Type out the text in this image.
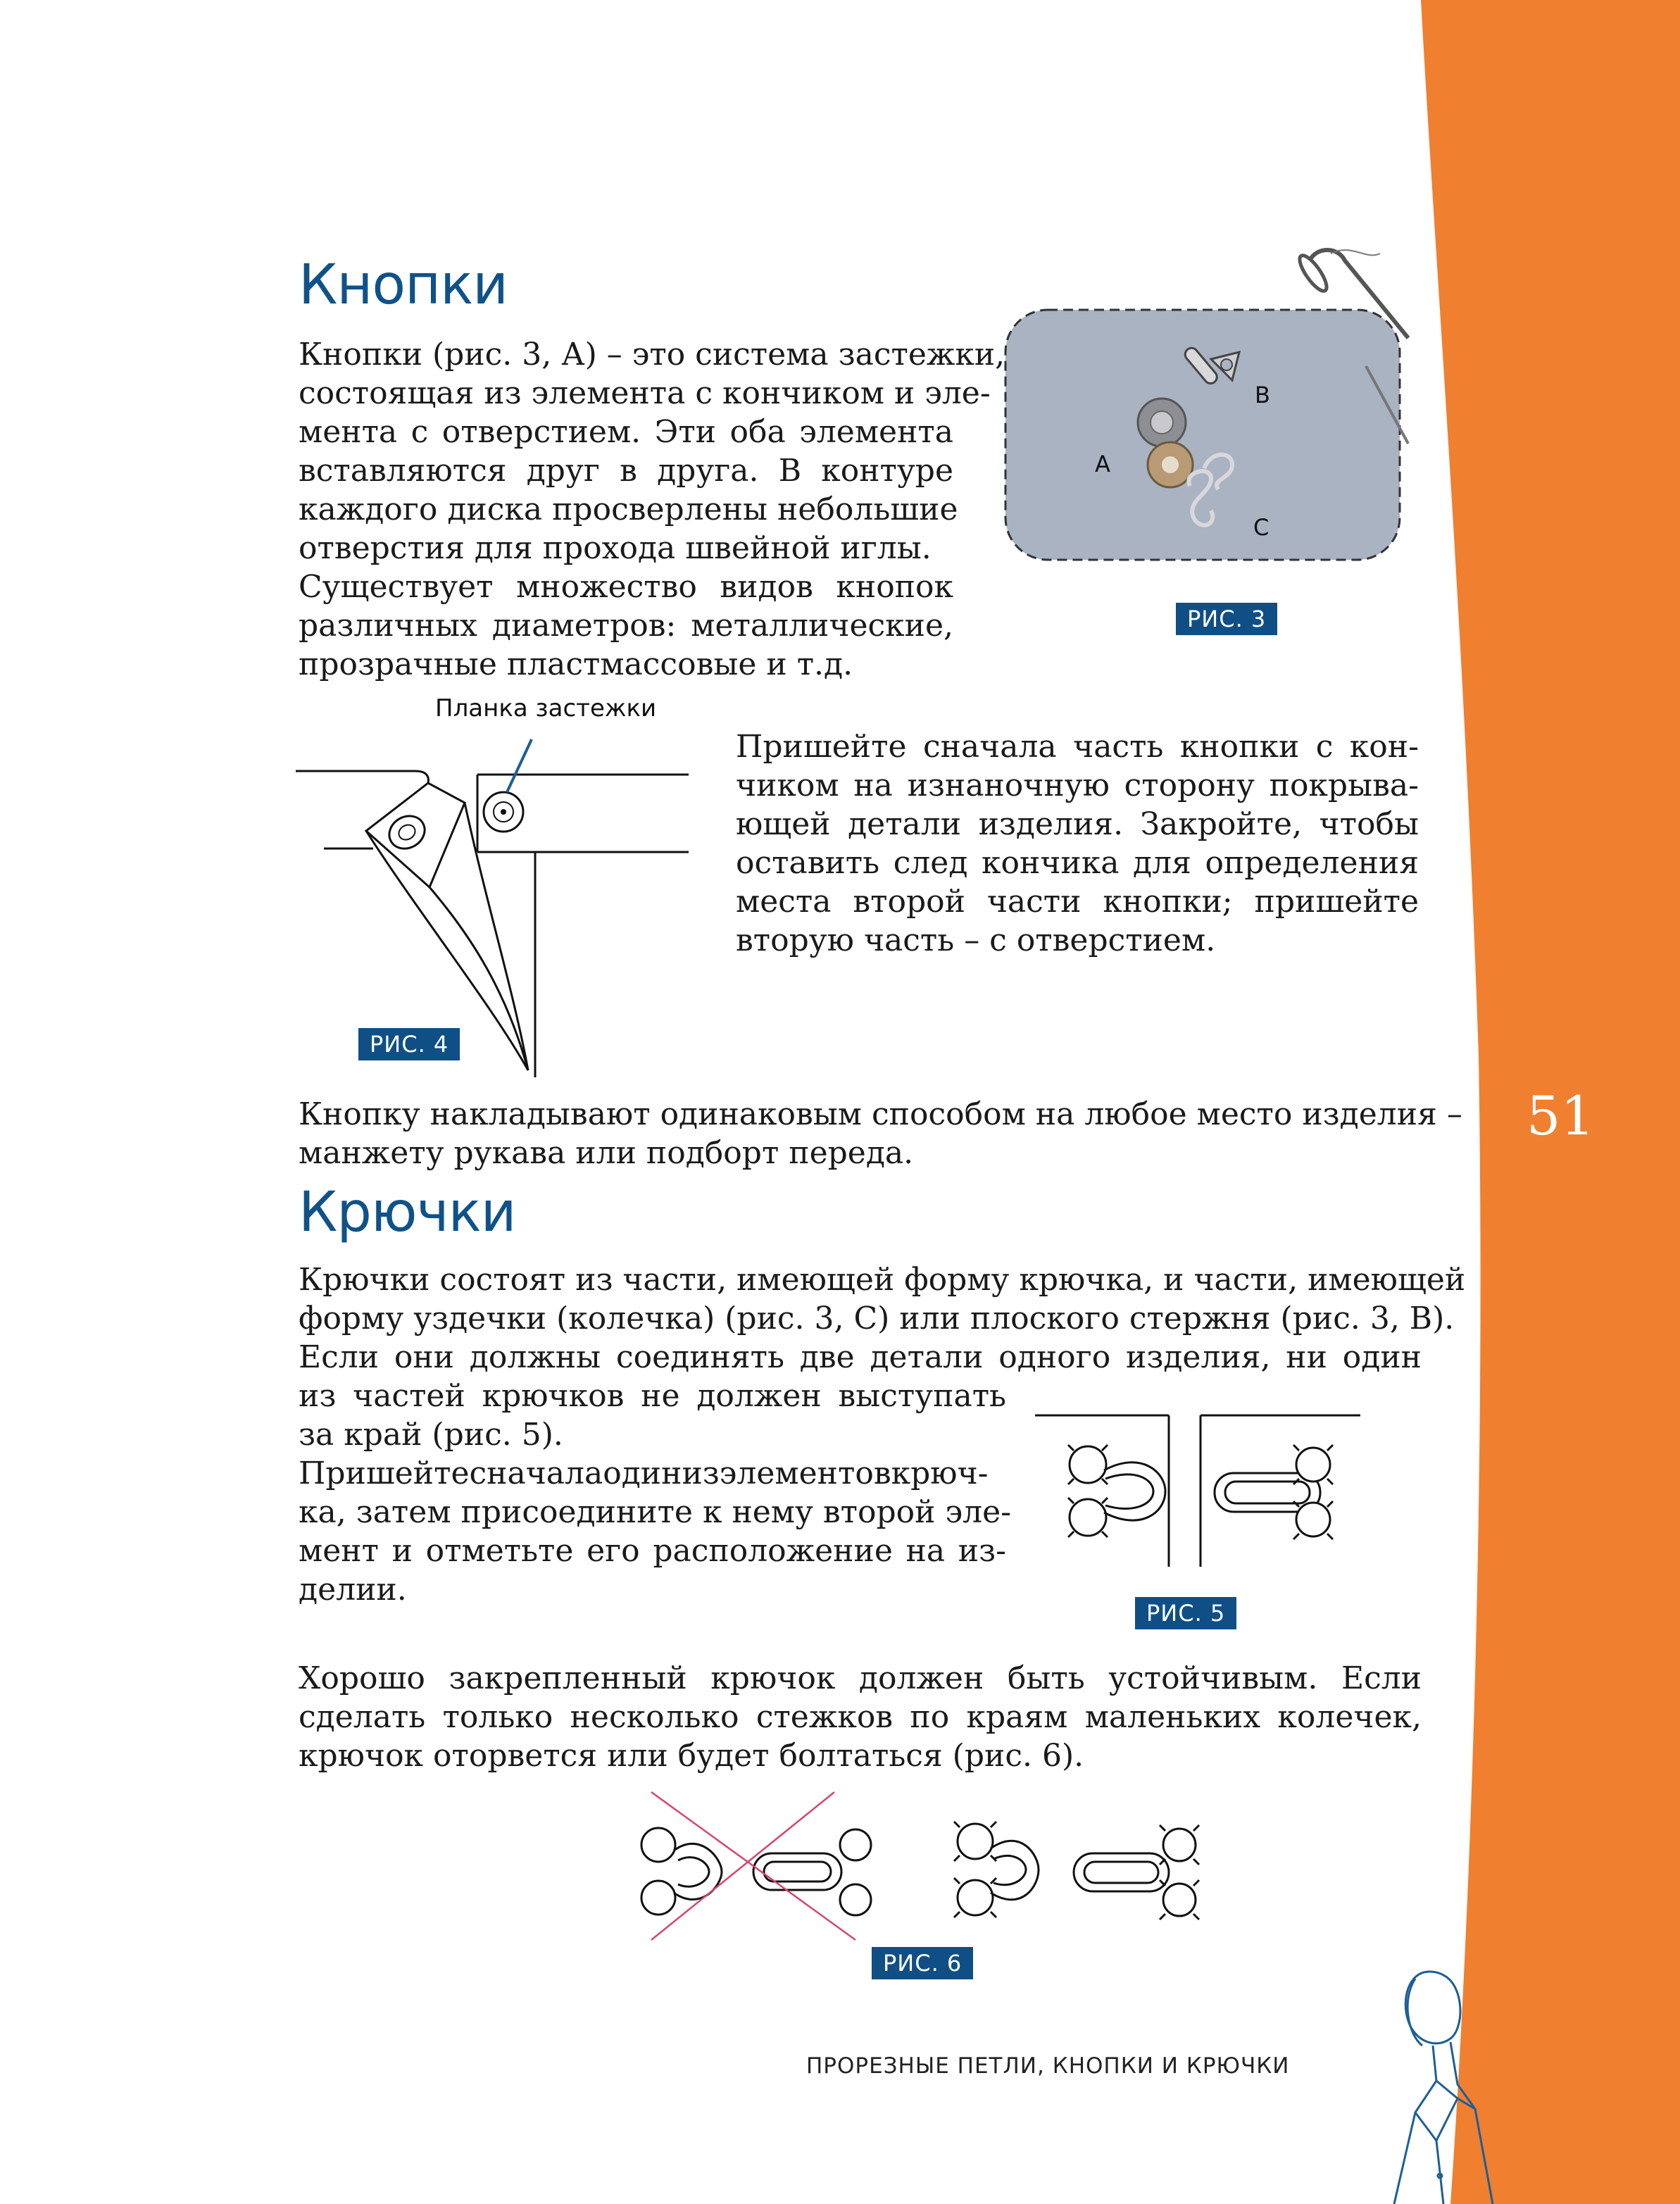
51
Кнопки
Кнопки (рис. 3, А) – это система застежки,
состоящая из элемента с кончиком и эле-
мента с отверстием. Эти оба элемента
вставляются друг в друга. В контуре
каждого диска просверлены небольшие
отверстия для прохода швейной иглы.
Существует множество видов кнопок
различных диаметров: металлические,
прозрачные пластмассовые и т.д.
А
B
С
РИС. 3
Планка застежки
РИС. 4
Пришейте сначала часть кнопки с кон-
чиком на изнаночную сторону покрыва-
ющей детали изделия. Закройте, чтобы
оставить след кончика для определения
места второй части кнопки; пришейте
вторую часть – с отверстием.
Кнопку накладывают одинаковым способом на любое место изделия –
манжету рукава или подборт переда.
Крючки
Крючки состоят из части, имеющей форму крючка, и части, имеющей
форму уздечки (колечка) (рис. 3, С) или плоского стержня (рис. 3, В).
Если они должны соединять две детали одного изделия, ни один
из частей крючков не должен выступать
за край (рис. 5).
Пришейтесначалаодинизэлементовкрюч-
ка, затем присоедините к нему второй эле-
мент и отметьте его расположение на из-
делии.
РИС. 5
Хорошо закрепленный крючок должен быть устойчивым. Если
сделать только несколько стежков по краям маленьких колечек,
крючок оторвется или будет болтаться (рис. 6).
РИС. 6
ПРОРЕЗНЫЕ ПЕТЛИ, КНОПКИ И КРЮЧКИ
